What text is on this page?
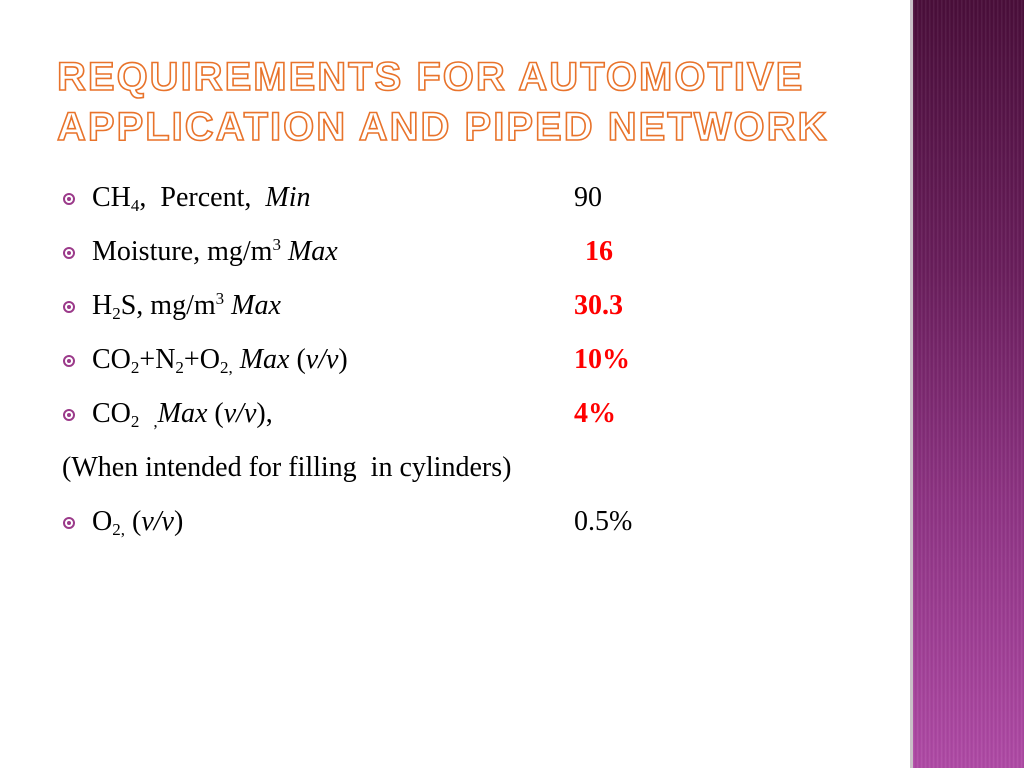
REQUIREMENTS FOR AUTOMOTIVE
APPLICATION AND PIPED NETWORK
$CH_4$,  Percent,  Min	90
Moisture, $mg/m^3$ Max	16
$H_2S$, $mg/m^3$ Max	30.3
$CO_2+N_2+O_{2,}$ Max (v/v)	10%
$CO_2$ $_,$Max (v/v),	4%
(When intended for filling  in cylinders)
$O_{2,}$ (v/v)	0.5%
